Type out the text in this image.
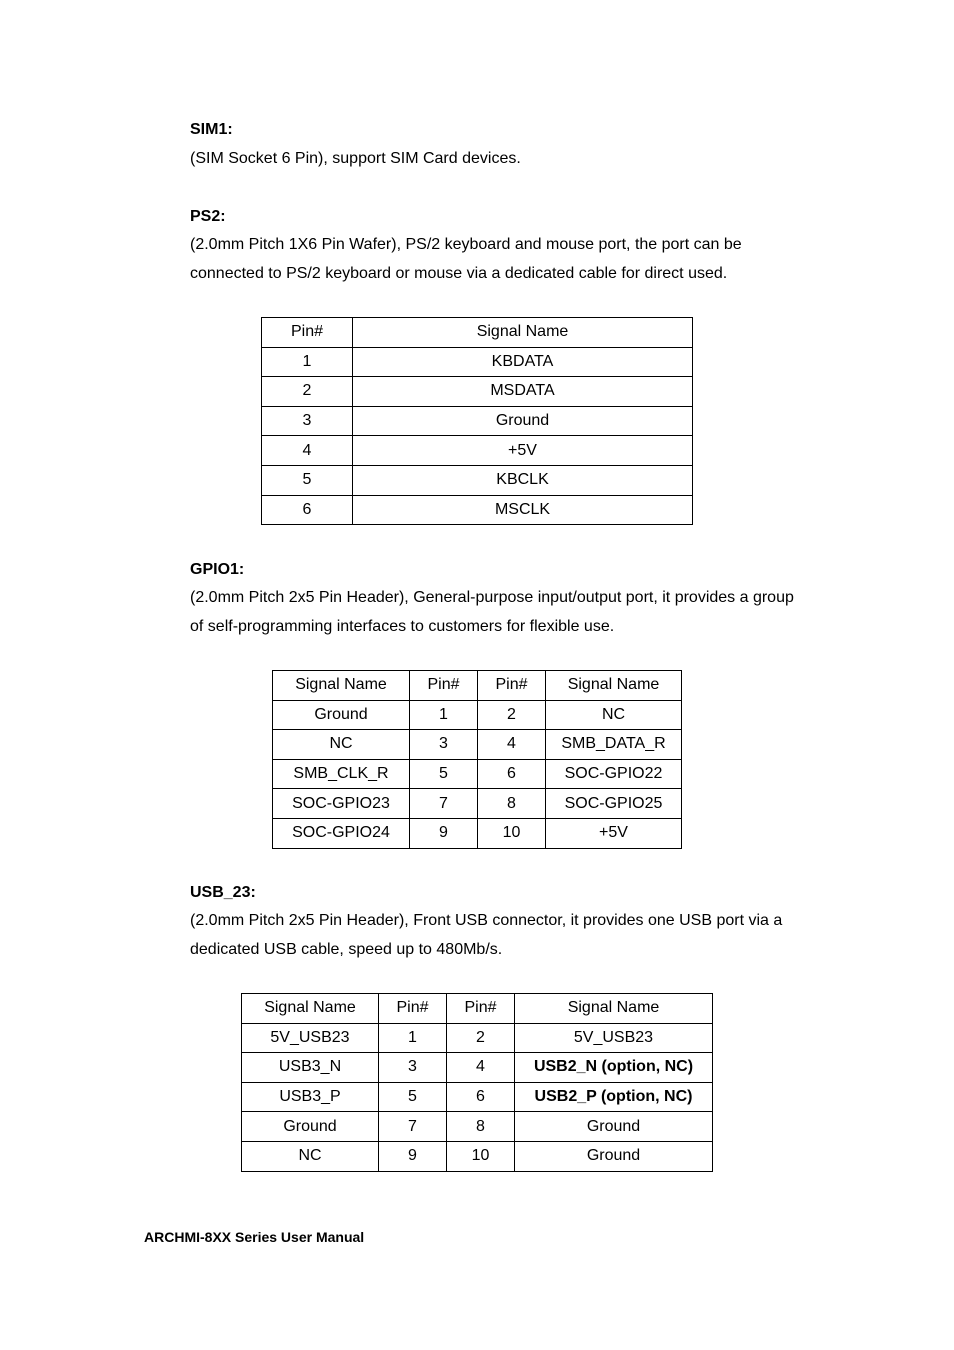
SIM1:
(SIM Socket 6 Pin), support SIM Card devices.
PS2:
(2.0mm Pitch 1X6 Pin Wafer), PS/2 keyboard and mouse port, the port can be connected to PS/2 keyboard or mouse via a dedicated cable for direct used.
Pin#	Signal Name
1	KBDATA
2	MSDATA
3	Ground
4	+5V
5	KBCLK
6	MSCLK
GPIO1:
(2.0mm Pitch 2x5 Pin Header), General-purpose input/output port, it provides a group of self-programming interfaces to customers for flexible use.
Signal Name	Pin#	Pin#	Signal Name
Ground	1	2	NC
NC	3	4	SMB_DATA_R
SMB_CLK_R	5	6	SOC-GPIO22
SOC-GPIO23	7	8	SOC-GPIO25
SOC-GPIO24	9	10	+5V
USB_23:
(2.0mm Pitch 2x5 Pin Header), Front USB connector, it provides one USB port via a dedicated USB cable, speed up to 480Mb/s.
Signal Name	Pin#	Pin#	Signal Name
5V_USB23	1	2	5V_USB23
USB3_N	3	4	USB2_N (option, NC)
USB3_P	5	6	USB2_P (option, NC)
Ground	7	8	Ground
NC	9	10	Ground
ARCHMI-8XX Series User Manual
